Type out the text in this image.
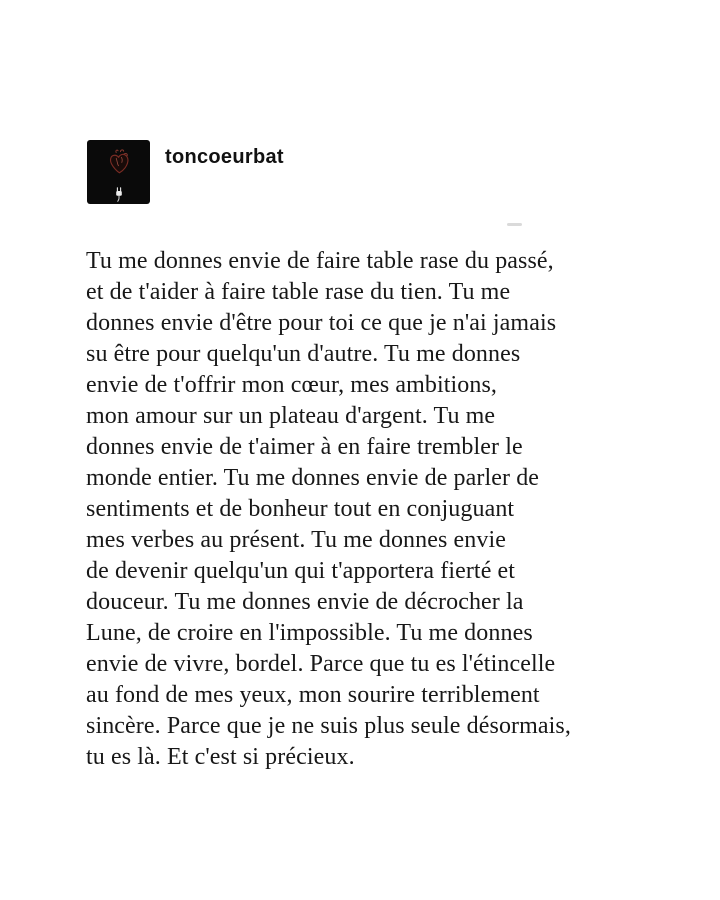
toncoeurbat
Tu me donnes envie de faire table rase du passé,
et de t'aider à faire table rase du tien. Tu me
donnes envie d'être pour toi ce que je n'ai jamais
su être pour quelqu'un d'autre. Tu me donnes
envie de t'offrir mon cœur, mes ambitions,
mon amour sur un plateau d'argent. Tu me
donnes envie de t'aimer à en faire trembler le
monde entier. Tu me donnes envie de parler de
sentiments et de bonheur tout en conjuguant
mes verbes au présent. Tu me donnes envie
de devenir quelqu'un qui t'apportera fierté et
douceur. Tu me donnes envie de décrocher la
Lune, de croire en l'impossible. Tu me donnes
envie de vivre, bordel. Parce que tu es l'étincelle
au fond de mes yeux, mon sourire terriblement
sincère. Parce que je ne suis plus seule désormais,
tu es là. Et c'est si précieux.
